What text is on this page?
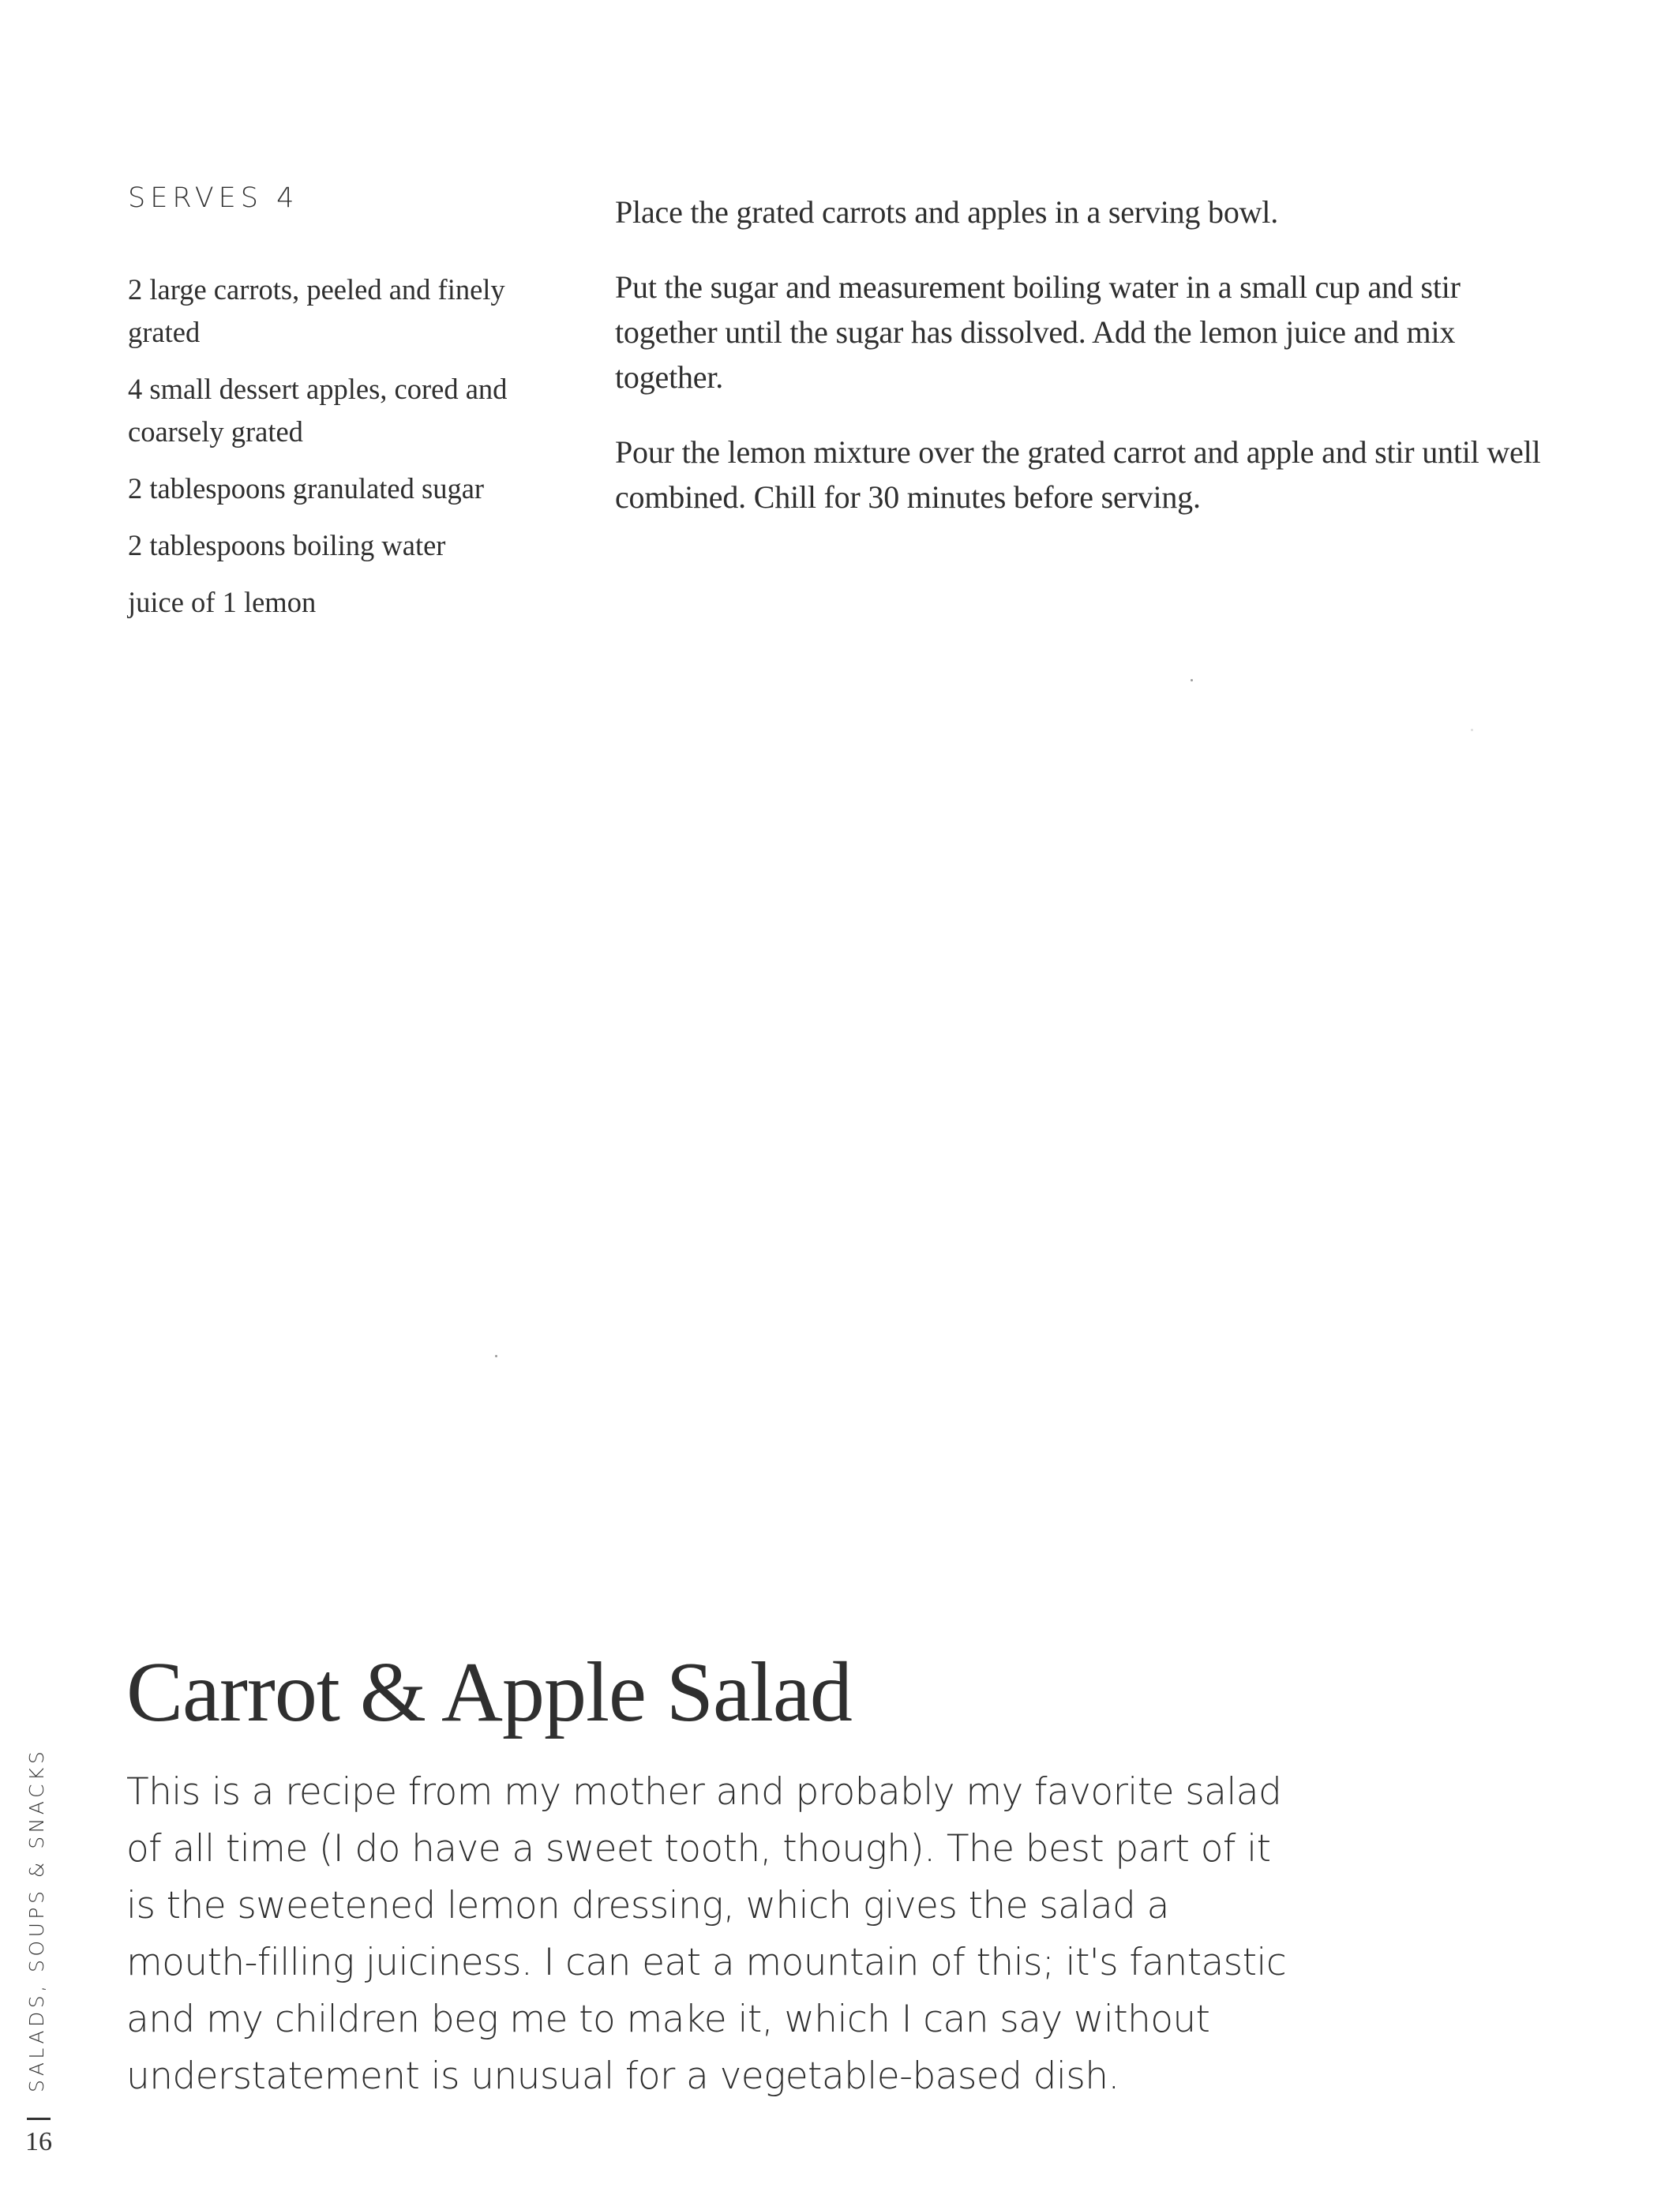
SERVES 4
2 large carrots, peeled and finely grated
4 small dessert apples, cored and coarsely grated
2 tablespoons granulated sugar
2 tablespoons boiling water
juice of 1 lemon

Place the grated carrots and apples in a serving bowl.

Put the sugar and measurement boiling water in a small cup and stir together until the sugar has dissolved. Add the lemon juice and mix together.

Pour the lemon mixture over the grated carrot and apple and stir until well combined. Chill for 30 minutes before serving.

Carrot & Apple Salad

This is a recipe from my mother and probably my favorite salad of all time (I do have a sweet tooth, though). The best part of it is the sweetened lemon dressing, which gives the salad a mouth-filling juiciness. I can eat a mountain of this; it's fantastic and my children beg me to make it, which I can say without understatement is unusual for a vegetable-based dish.

SALADS, SOUPS & SNACKS
16
